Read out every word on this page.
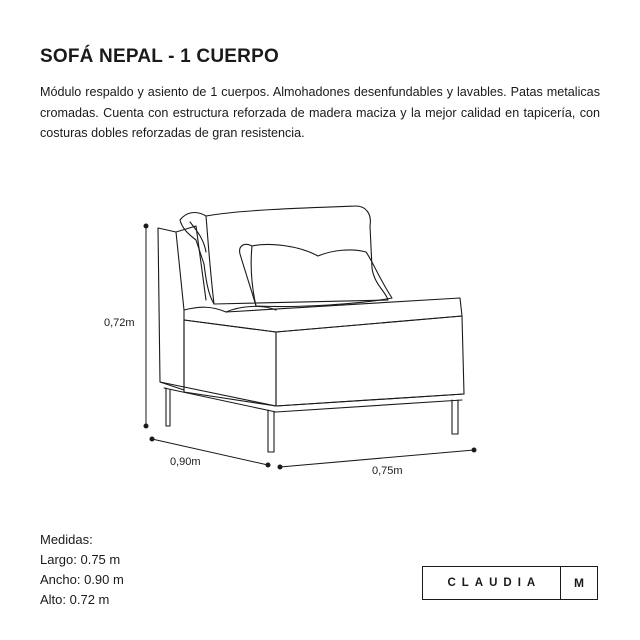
SOFÁ NEPAL - 1 CUERPO

Módulo respaldo y asiento de 1 cuerpos. Almohadones desenfundables y lavables. Patas metalicas cromadas. Cuenta con estructura reforzada de madera maciza y la mejor calidad en tapicería, con costuras dobles reforzadas de gran resistencia.

0,72m
0,90m
0,75m
Medidas:
Largo: 0.75 m
Ancho: 0.90 m
Alto: 0.72 m
CLAUDIA	M
